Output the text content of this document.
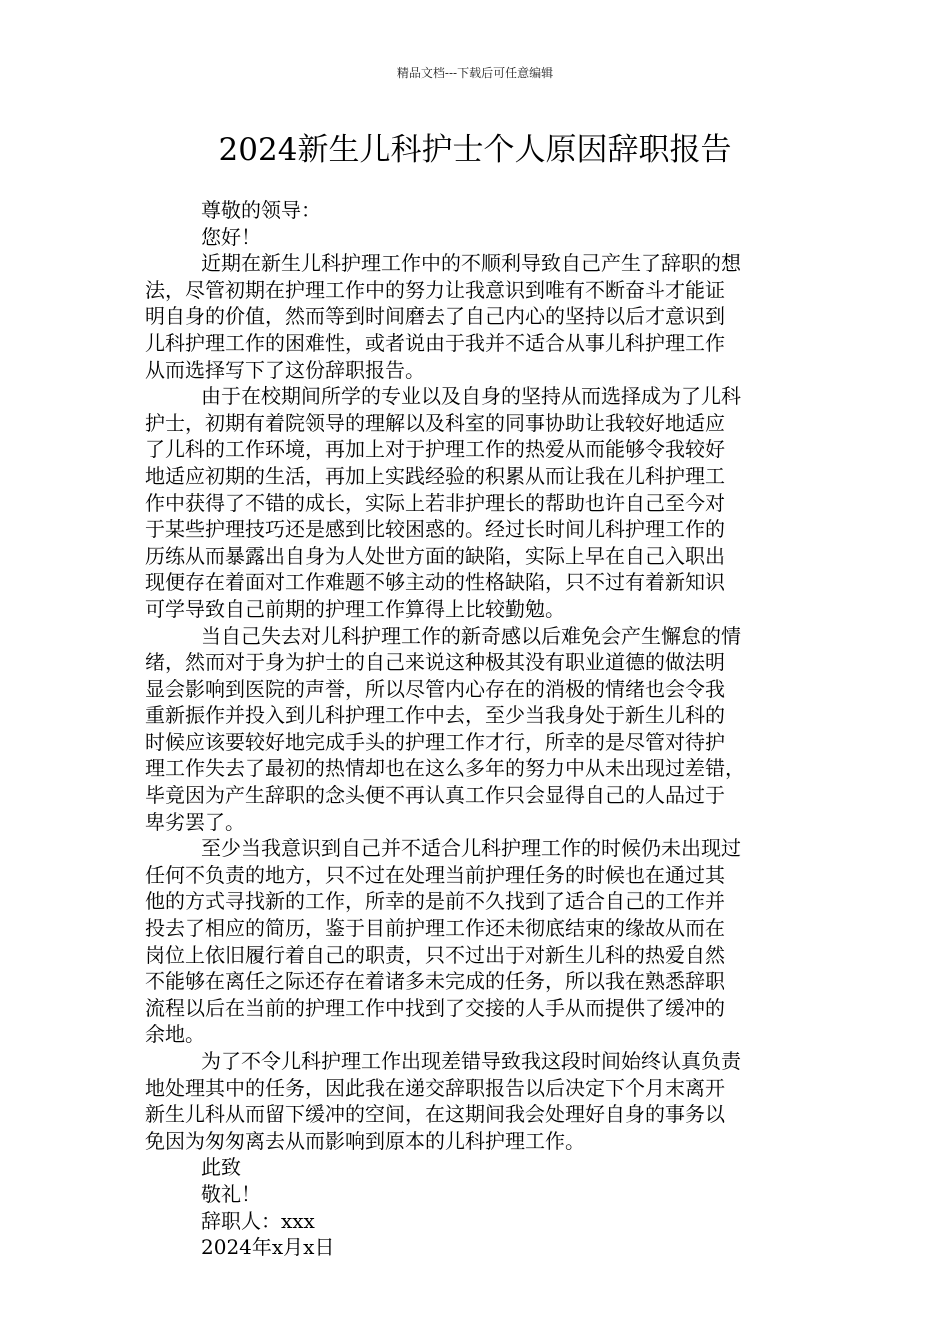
精品文档---下载后可任意编辑
2024新生儿科护士个人原因辞职报告
尊敬的领导：
您好！
近期在新生儿科护理工作中的不顺利导致自己产生了辞职的想
法，尽管初期在护理工作中的努力让我意识到唯有不断奋斗才能证
明自身的价值，然而等到时间磨去了自己内心的坚持以后才意识到
儿科护理工作的困难性，或者说由于我并不适合从事儿科护理工作
从而选择写下了这份辞职报告。
由于在校期间所学的专业以及自身的坚持从而选择成为了儿科
护士，初期有着院领导的理解以及科室的同事协助让我较好地适应
了儿科的工作环境，再加上对于护理工作的热爱从而能够令我较好
地适应初期的生活，再加上实践经验的积累从而让我在儿科护理工
作中获得了不错的成长，实际上若非护理长的帮助也许自己至今对
于某些护理技巧还是感到比较困惑的。经过长时间儿科护理工作的
历练从而暴露出自身为人处世方面的缺陷，实际上早在自己入职出
现便存在着面对工作难题不够主动的性格缺陷，只不过有着新知识
可学导致自己前期的护理工作算得上比较勤勉。
当自己失去对儿科护理工作的新奇感以后难免会产生懈怠的情
绪，然而对于身为护士的自己来说这种极其没有职业道德的做法明
显会影响到医院的声誉，所以尽管内心存在的消极的情绪也会令我
重新振作并投入到儿科护理工作中去，至少当我身处于新生儿科的
时候应该要较好地完成手头的护理工作才行，所幸的是尽管对待护
理工作失去了最初的热情却也在这么多年的努力中从未出现过差错，
毕竟因为产生辞职的念头便不再认真工作只会显得自己的人品过于
卑劣罢了。
至少当我意识到自己并不适合儿科护理工作的时候仍未出现过
任何不负责的地方，只不过在处理当前护理任务的时候也在通过其
他的方式寻找新的工作，所幸的是前不久找到了适合自己的工作并
投去了相应的简历，鉴于目前护理工作还未彻底结束的缘故从而在
岗位上依旧履行着自己的职责，只不过出于对新生儿科的热爱自然
不能够在离任之际还存在着诸多未完成的任务，所以我在熟悉辞职
流程以后在当前的护理工作中找到了交接的人手从而提供了缓冲的
余地。
为了不令儿科护理工作出现差错导致我这段时间始终认真负责
地处理其中的任务，因此我在递交辞职报告以后决定下个月末离开
新生儿科从而留下缓冲的空间，在这期间我会处理好自身的事务以
免因为匆匆离去从而影响到原本的儿科护理工作。
此致
敬礼！
辞职人：xxx
2024年x月x日
